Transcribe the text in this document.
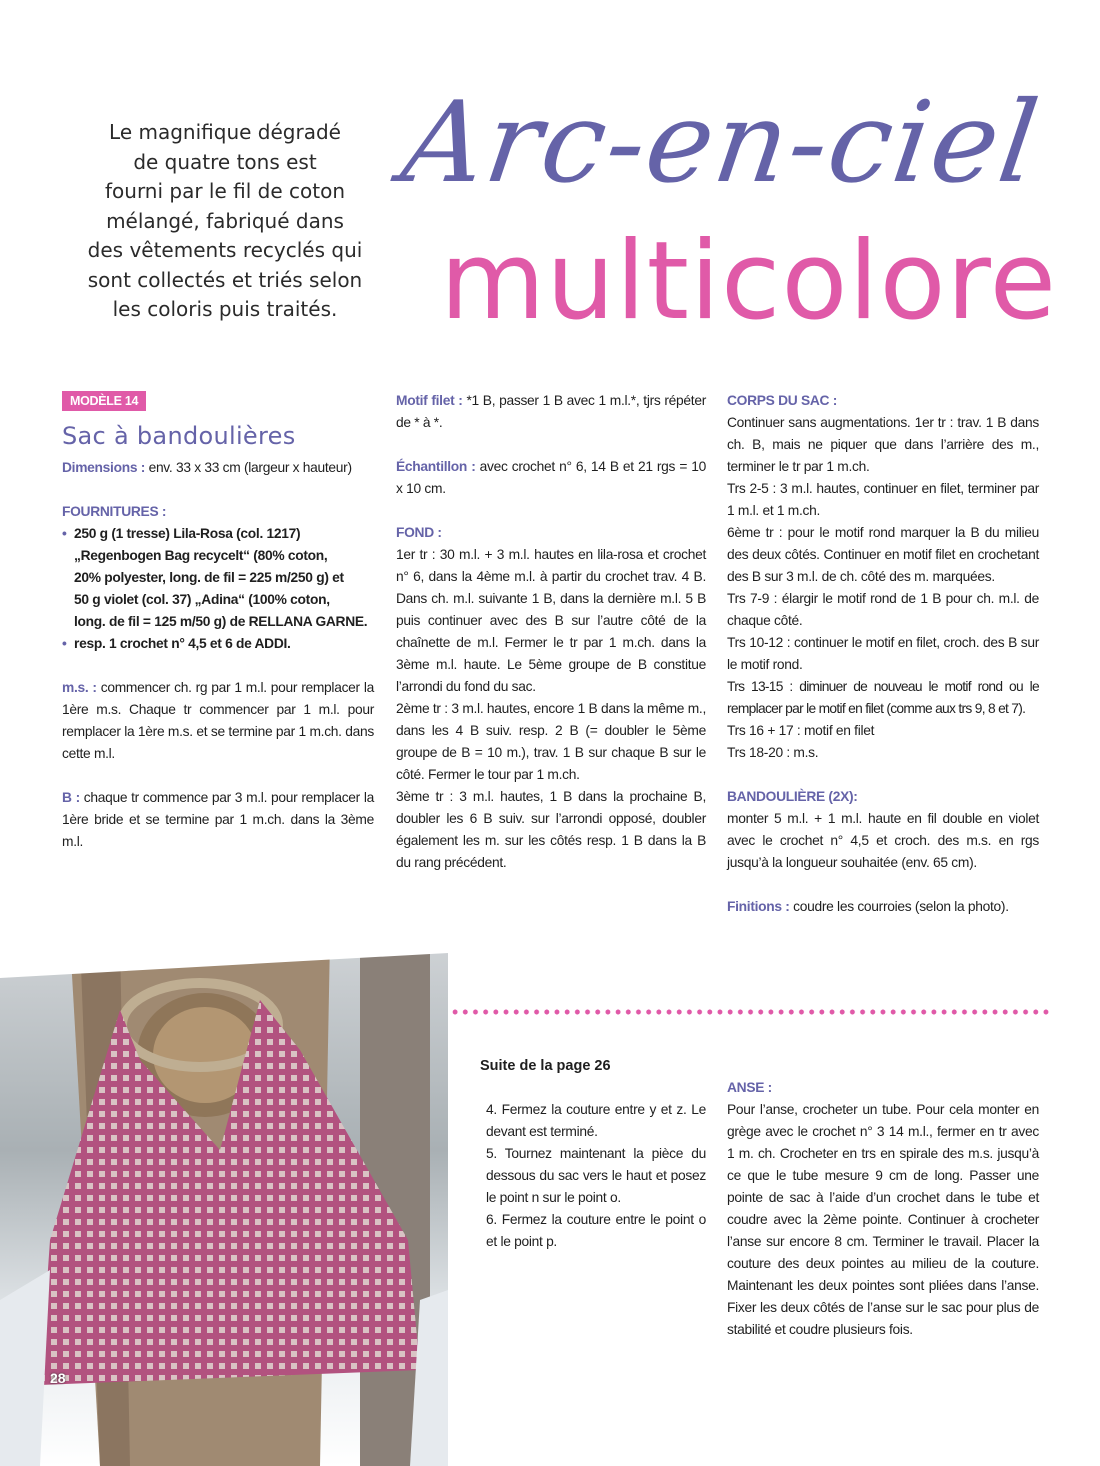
Le magnifique dégradé
de quatre tons est
fourni par le fil de coton
mélangé, fabriqué dans
des vêtements recyclés qui
sont collectés et triés selon
les coloris puis traités.
Arc-en-ciel
multicolore
MODÈLE 14
Sac à bandoulières

Dimensions : env. 33 x 33 cm (largeur x hauteur)

FOURNITURES :
• 250 g (1 tresse) Lila-Rosa (col. 1217)
„Regenbogen Bag recycelt“ (80% coton,
20% polyester, long. de fil = 225 m/250 g) et
50 g violet (col. 37) „Adina“ (100% coton,
long. de fil = 125 m/50 g) de RELLANA GARNE.
• resp. 1 crochet n° 4,5 et 6 de ADDI.

m.s. : commencer ch. rg par 1 m.l. pour remplacer la 1ère m.s. Chaque tr commencer par 1 m.l. pour remplacer la 1ère m.s. et se termine par 1 m.ch. dans cette m.l.

B : chaque tr commence par 3 m.l. pour remplacer la 1ère bride et se termine par 1 m.ch. dans la 3ème m.l.

Motif filet : *1 B, passer 1 B avec 1 m.l.*, tjrs répéter de * à *.

Échantillon : avec crochet n° 6, 14 B et 21 rgs = 10 x 10 cm.

FOND :
1er tr : 30 m.l. + 3 m.l. hautes en lila-rosa et crochet n° 6, dans la 4ème m.l. à partir du crochet trav. 4 B. Dans ch. m.l. suivante 1 B, dans la dernière m.l. 5 B puis continuer avec des B sur l’autre côté de la chaînette de m.l. Fermer le tr par 1 m.ch. dans la 3ème m.l. haute. Le 5ème groupe de B constitue l’arrondi du fond du sac.
2ème tr : 3 m.l. hautes, encore 1 B dans la même m., dans les 4 B suiv. resp. 2 B (= doubler le 5ème groupe de B = 10 m.), trav. 1 B sur chaque B sur le côté. Fermer le tour par 1 m.ch.
3ème tr : 3 m.l. hautes, 1 B dans la prochaine B, doubler les 6 B suiv. sur l’arrondi opposé, doubler également les m. sur les côtés resp. 1 B dans la B du rang précédent.
CORPS DU SAC :
Continuer sans augmentations. 1er tr : trav. 1 B dans ch. B, mais ne piquer que dans l’arrière des m., terminer le tr par 1 m.ch.
Trs 2-5 : 3 m.l. hautes, continuer en filet, terminer par 1 m.l. et 1 m.ch.
6ème tr : pour le motif rond marquer la B du milieu des deux côtés. Continuer en motif filet en crochetant des B sur 3 m.l. de ch. côté des m. marquées.
Trs 7-9 : élargir le motif rond de 1 B pour ch. m.l. de chaque côté.
Trs 10-12 : continuer le motif en filet, croch. des B sur le motif rond.
Trs 13-15 : diminuer de nouveau le motif rond ou le remplacer par le motif en filet (comme aux trs 9, 8 et 7).
Trs 16 + 17 : motif en filet
Trs 18-20 : m.s.
BANDOULIÈRE (2X):

monter 5 m.l. + 1 m.l. haute en fil double en violet avec le crochet n° 4,5 et croch. des m.s. en rgs jusqu’à la longueur souhaitée (env. 65 cm).

Finitions : coudre les courroies (selon la photo).

28
Suite de la page 26

4. Fermez la couture entre y et z. Le devant est terminé.

5. Tournez maintenant la pièce du dessous du sac vers le haut et posez le point n sur le point o.

6. Fermez la couture entre le point o et le point p.

ANSE :

Pour l’anse, crocheter un tube. Pour cela monter en grège avec le crochet n° 3 14 m.l., fermer en tr avec 1 m. ch. Crocheter en trs en spirale des m.s. jusqu’à ce que le tube mesure 9 cm de long. Passer une pointe de sac à l’aide d’un crochet dans le tube et coudre avec la 2ème pointe. Continuer à crocheter l’anse sur encore 8 cm. Terminer le travail. Placer la couture des deux pointes au milieu de la couture. Maintenant les deux pointes sont pliées dans l’anse. Fixer les deux côtés de l’anse sur le sac pour plus de stabilité et coudre plusieurs fois.
